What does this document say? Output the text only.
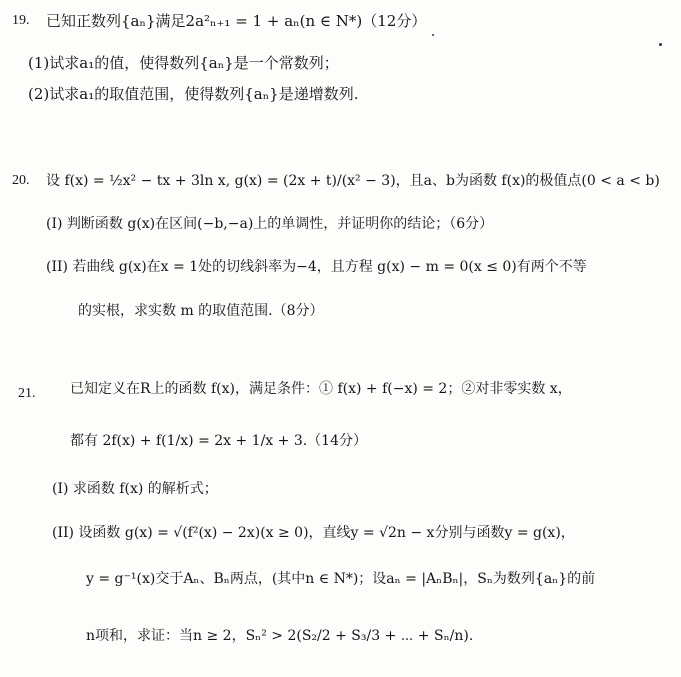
19. 已知正数列{aₙ}满足2a²ₙ₊₁ = 1 + aₙ(n ∈ N*)（12分）
(1)试求a₁的值，使得数列{aₙ}是一个常数列；
(2)试求a₁的取值范围，使得数列{aₙ}是递增数列.
20. 设 f(x) = ½x² − tx + 3ln x, g(x) = (2x + t)/(x² − 3)，且a、b为函数 f(x)的极值点(0 < a < b)
(I) 判断函数 g(x)在区间(−b,−a)上的单调性，并证明你的结论；（6分）
(II) 若曲线 g(x)在x = 1处的切线斜率为−4，且方程 g(x) − m = 0(x ≤ 0)有两个不等
的实根，求实数 m 的取值范围.（8分）
21. 已知定义在R上的函数 f(x)，满足条件：① f(x) + f(−x) = 2；②对非零实数 x，
都有 2f(x) + f(1/x) = 2x + 1/x + 3.（14分）
(I) 求函数 f(x) 的解析式；
(II) 设函数 g(x) = √(f²(x) − 2x)(x ≥ 0)，直线y = √2n − x分别与函数y = g(x)，
y = g⁻¹(x)交于Aₙ、Bₙ两点，(其中n ∈ N*)；设aₙ = |AₙBₙ|，Sₙ为数列{aₙ}的前
n项和，求证：当n ≥ 2，Sₙ² > 2(S₂/2 + S₃/3 + ⋯ + Sₙ/n).
